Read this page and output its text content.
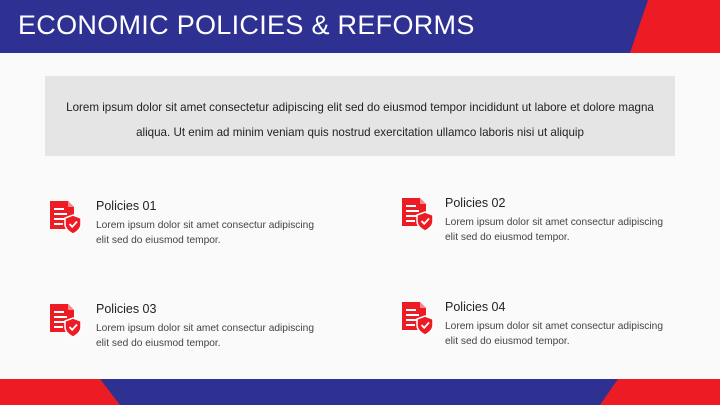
ECONOMIC POLICIES & REFORMS
Lorem ipsum dolor sit amet consectetur adipiscing elit sed do eiusmod tempor incididunt ut labore et dolore magna aliqua. Ut enim ad minim veniam quis nostrud exercitation ullamco laboris nisi ut aliquip
Policies 01
Lorem ipsum dolor sit amet consectur adipiscing elit sed do eiusmod tempor.
Policies 02
Lorem ipsum dolor sit amet consectur adipiscing elit sed do eiusmod tempor.
Policies 03
Lorem ipsum dolor sit amet consectur adipiscing elit sed do eiusmod tempor.
Policies 04
Lorem ipsum dolor sit amet consectur adipiscing elit sed do eiusmod tempor.
